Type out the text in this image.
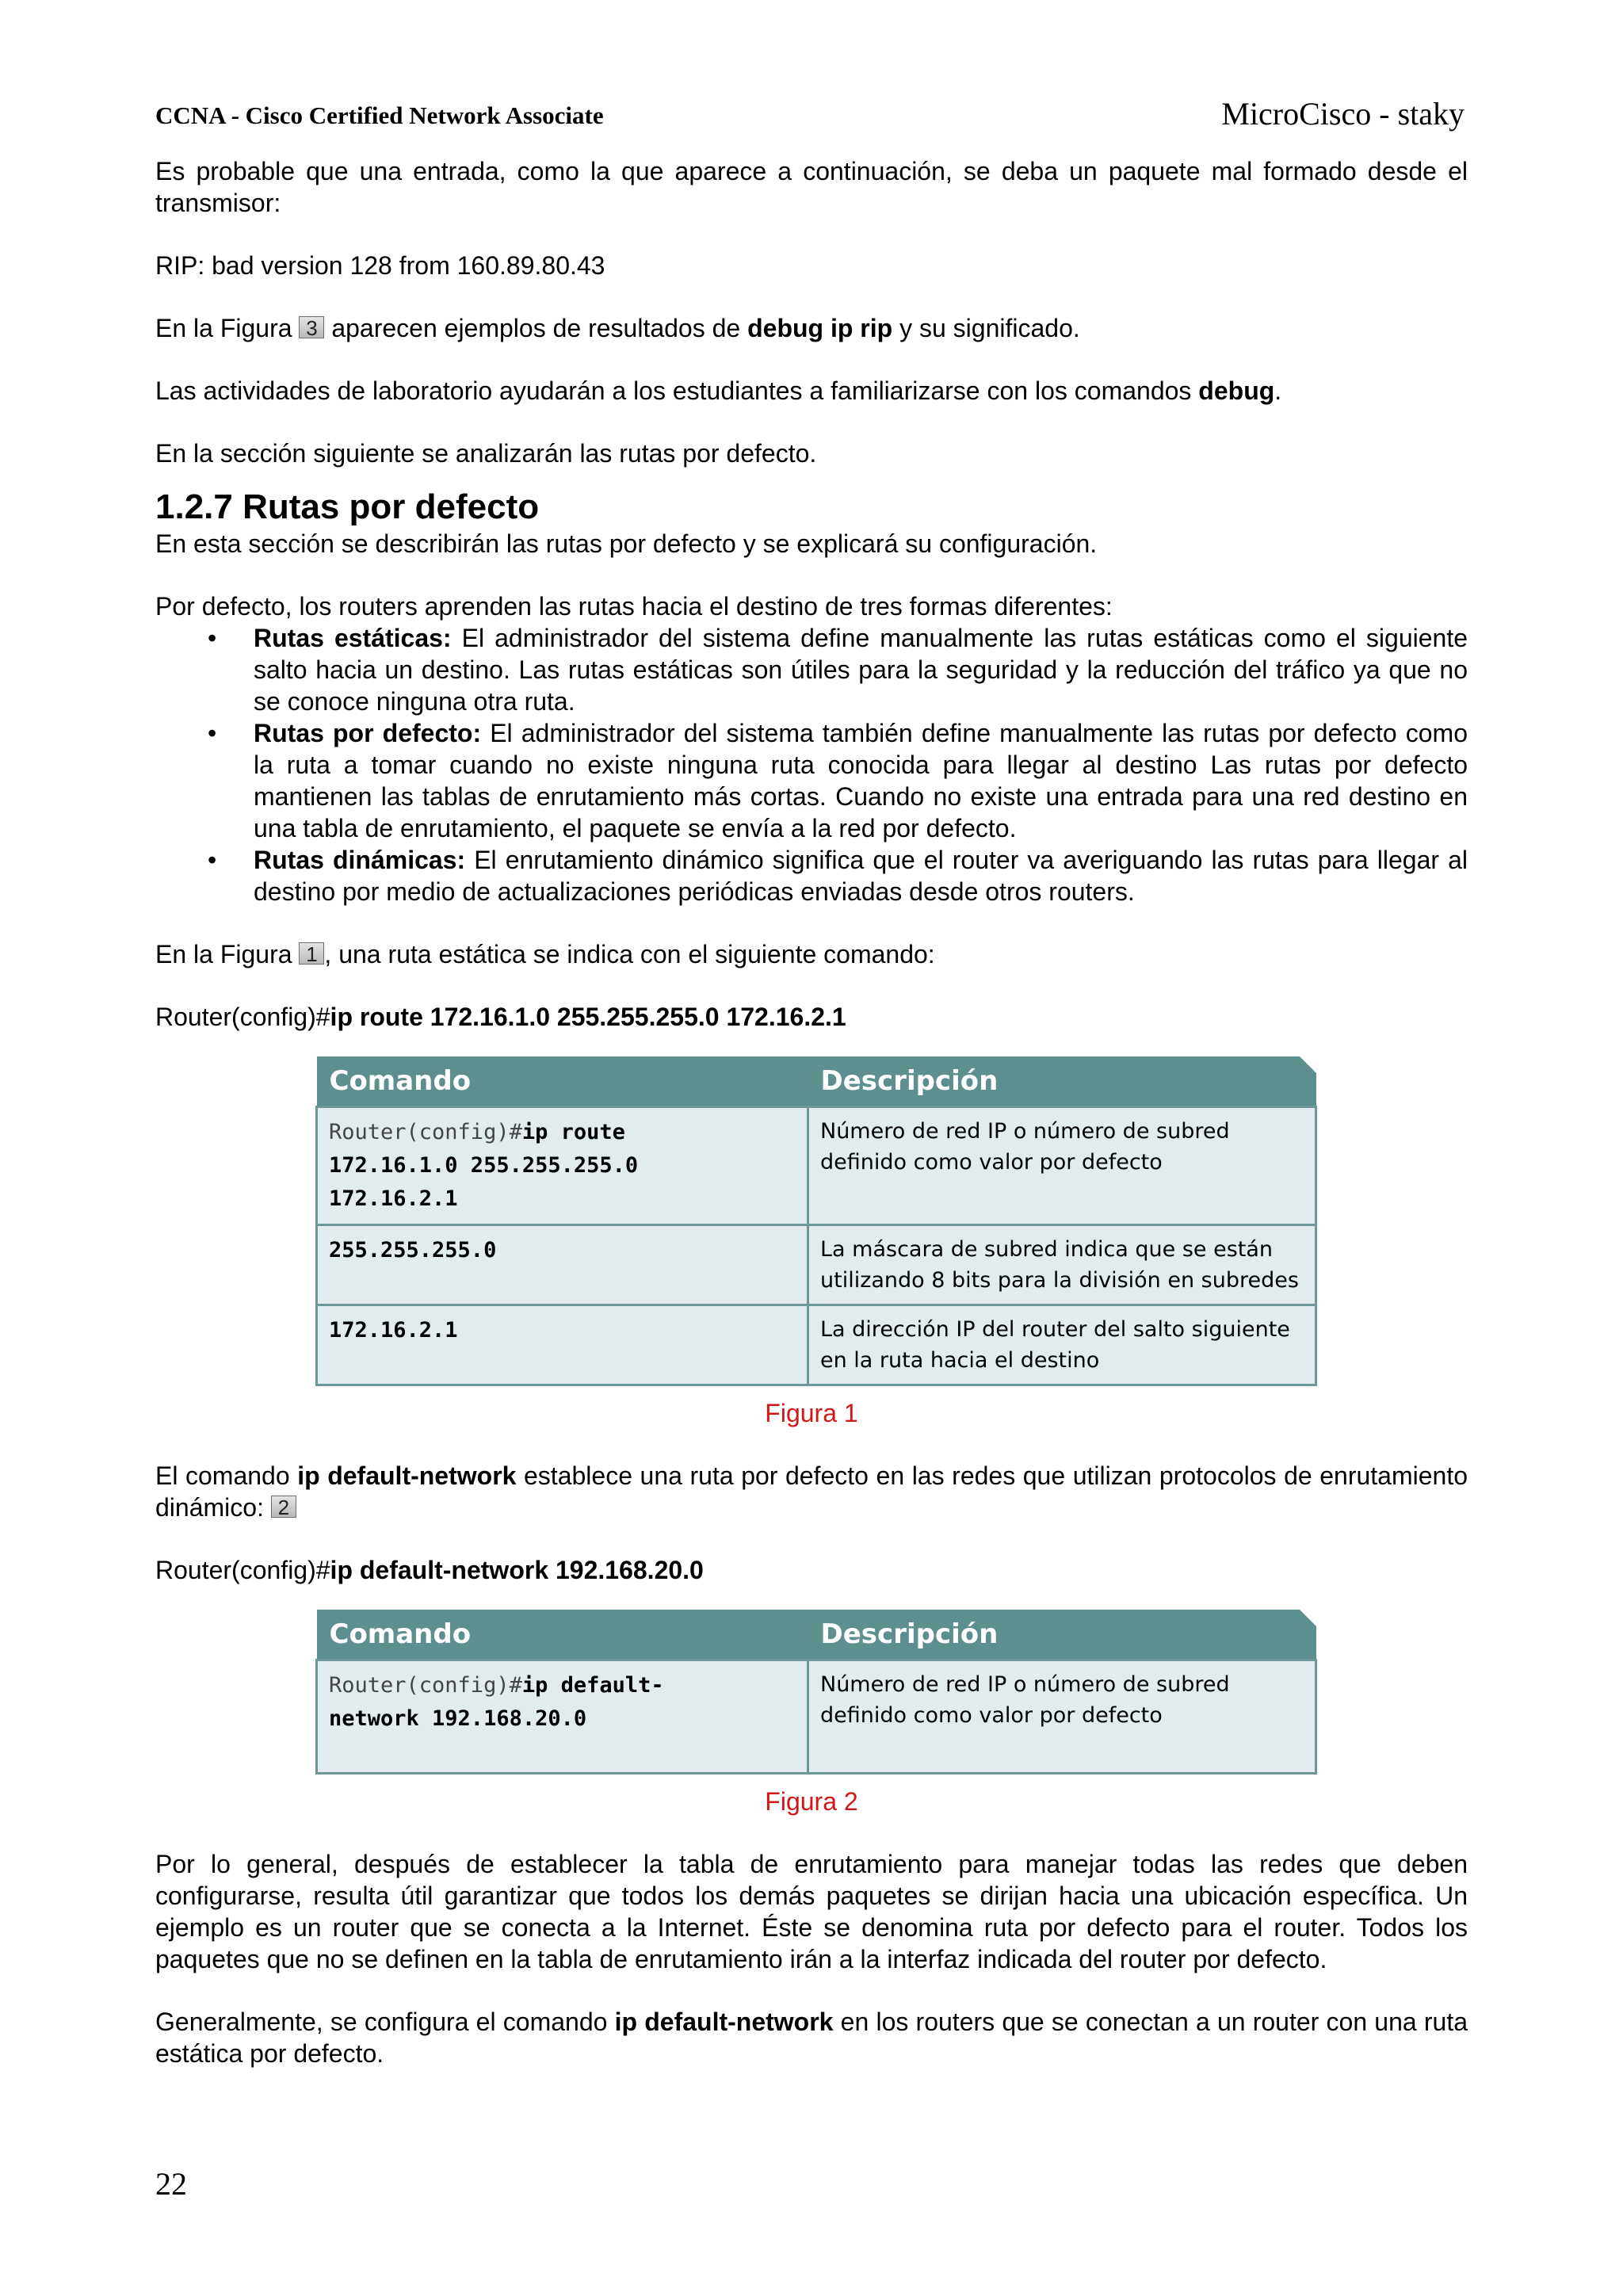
CCNA - Cisco Certified Network Associate	MicroCisco - staky

Es probable que una entrada, como la que aparece a continuación, se deba un paquete mal formado desde el transmisor:

RIP: bad version 128 from 160.89.80.43

En la Figura 3 aparecen ejemplos de resultados de debug ip rip y su significado.

Las actividades de laboratorio ayudarán a los estudiantes a familiarizarse con los comandos debug.

En la sección siguiente se analizarán las rutas por defecto.

1.2.7 Rutas por defecto

En esta sección se describirán las rutas por defecto y se explicará su configuración.

Por defecto, los routers aprenden las rutas hacia el destino de tres formas diferentes:

• Rutas estáticas: El administrador del sistema define manualmente las rutas estáticas como el siguiente salto hacia un destino. Las rutas estáticas son útiles para la seguridad y la reducción del tráfico ya que no se conoce ninguna otra ruta.
• Rutas por defecto: El administrador del sistema también define manualmente las rutas por defecto como la ruta a tomar cuando no existe ninguna ruta conocida para llegar al destino Las rutas por defecto mantienen las tablas de enrutamiento más cortas. Cuando no existe una entrada para una red destino en una tabla de enrutamiento, el paquete se envía a la red por defecto.
• Rutas dinámicas: El enrutamiento dinámico significa que el router va averiguando las rutas para llegar al destino por medio de actualizaciones periódicas enviadas desde otros routers.

En la Figura 1 , una ruta estática se indica con el siguiente comando:

Router(config)#ip route 172.16.1.0 255.255.255.0 172.16.2.1

Comando	Descripción

Router(config)#ip route
172.16.1.0 255.255.255.0
172.16.2.1	Número de red IP o número de subred definido como valor por defecto
255.255.255.0	La máscara de subred indica que se están utilizando 8 bits para la división en subredes
172.16.2.1	La dirección IP del router del salto siguiente en la ruta hacia el destino

Figura 1

El comando ip default-network establece una ruta por defecto en las redes que utilizan protocolos de enrutamiento dinámico: 2

Router(config)#ip default-network 192.168.20.0

Comando	Descripción

Router(config)#ip default-
network 192.168.20.0	Número de red IP o número de subred definido como valor por defecto

Figura 2

Por lo general, después de establecer la tabla de enrutamiento para manejar todas las redes que deben configurarse, resulta útil garantizar que todos los demás paquetes se dirijan hacia una ubicación específica. Un ejemplo es un router que se conecta a la Internet. Éste se denomina ruta por defecto para el router. Todos los paquetes que no se definen en la tabla de enrutamiento irán a la interfaz indicada del router por defecto.

Generalmente, se configura el comando ip default-network en los routers que se conectan a un router con una ruta estática por defecto.

22
